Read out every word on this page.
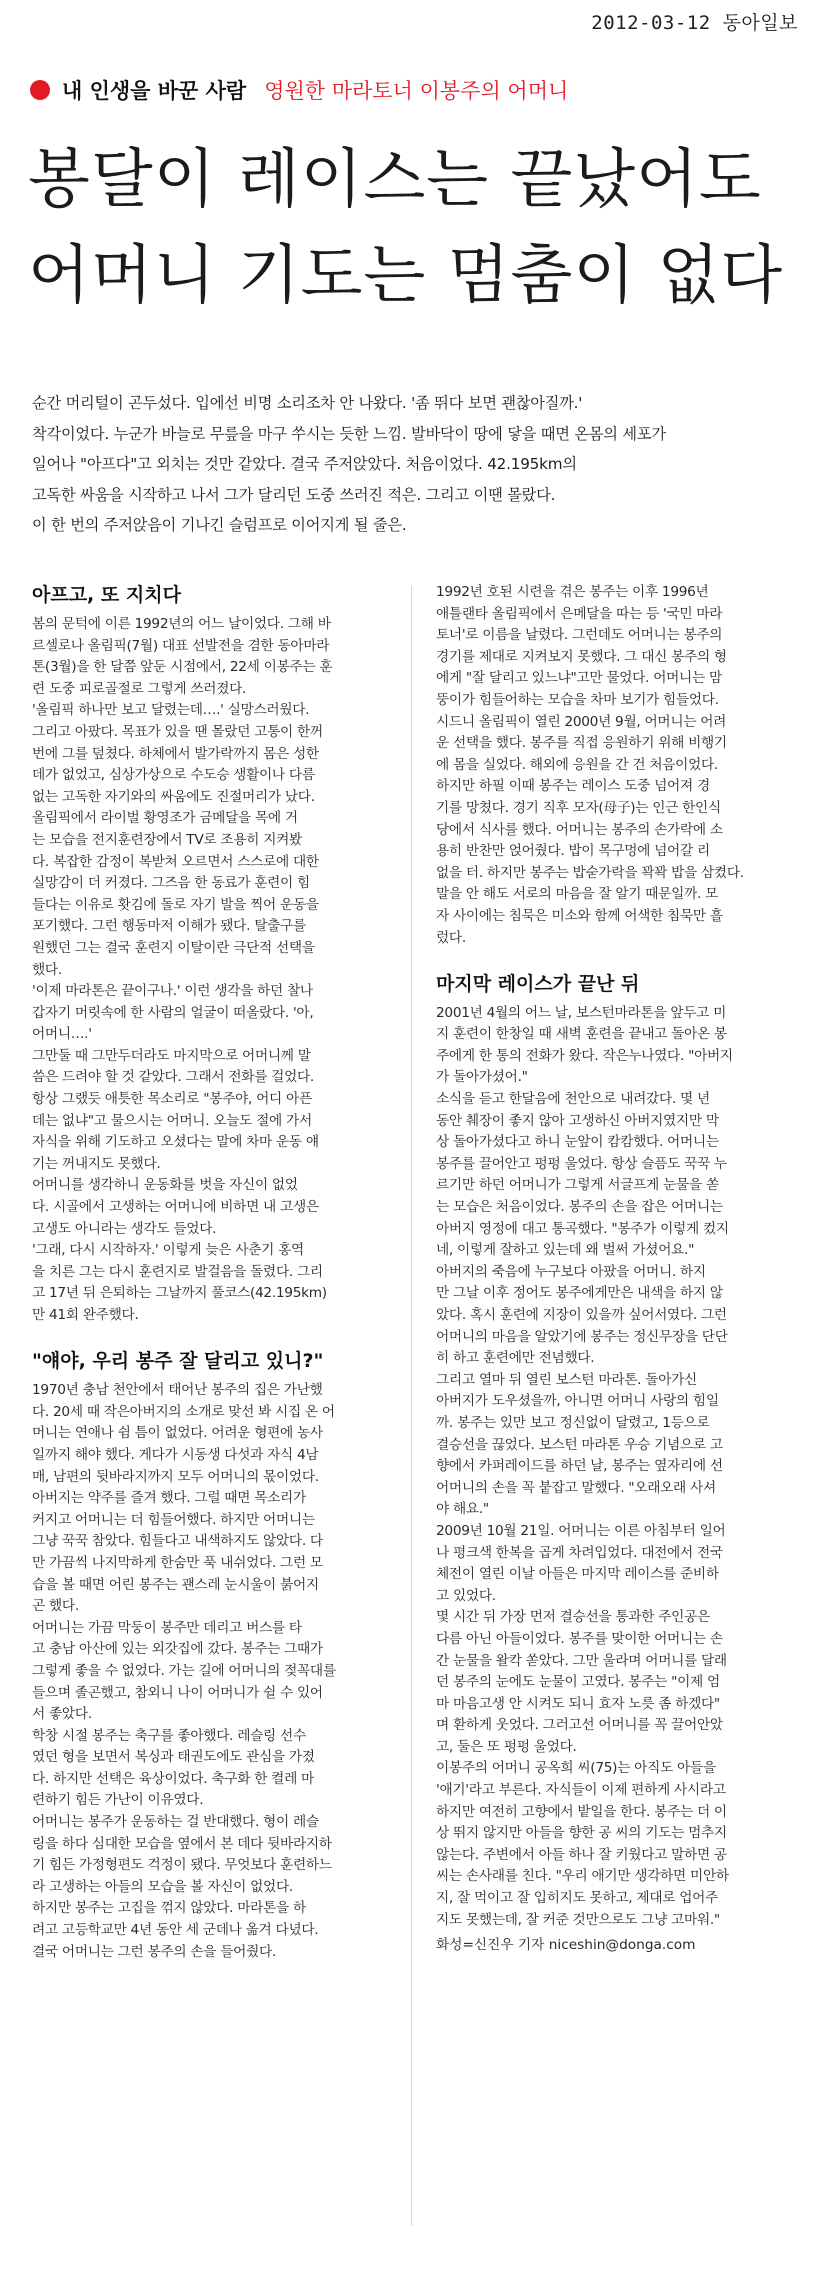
2012-03-12 동아일보
내 인생을 바꾼 사람 영원한 마라토너 이봉주의 어머니
봉달이 레이스는 끝났어도
어머니 기도는 멈춤이 없다
순간 머리털이 곤두섰다. 입에선 비명 소리조차 안 나왔다. '좀 뛰다 보면 괜찮아질까.'
착각이었다. 누군가 바늘로 무릎을 마구 쑤시는 듯한 느낌. 발바닥이 땅에 닿을 때면 온몸의 세포가
일어나 "아프다"고 외치는 것만 같았다. 결국 주저앉았다. 처음이었다. 42.195km의
고독한 싸움을 시작하고 나서 그가 달리던 도중 쓰러진 적은. 그리고 이땐 몰랐다.
이 한 번의 주저앉음이 기나긴 슬럼프로 이어지게 될 줄은.
아프고, 또 지치다
봄의 문턱에 이른 1992년의 어느 날이었다. 그해 바
르셀로나 올림픽(7월) 대표 선발전을 겸한 동아마라
톤(3월)을 한 달쯤 앞둔 시점에서, 22세 이봉주는 훈
련 도중 피로골절로 그렇게 쓰러졌다.
'올림픽 하나만 보고 달렸는데….' 실망스러웠다.
그리고 아팠다. 목표가 있을 땐 몰랐던 고통이 한꺼
번에 그를 덮쳤다. 하체에서 발가락까지 몸은 성한
데가 없었고, 심상가상으로 수도승 생활이나 다름
없는 고독한 자기와의 싸움에도 진절머리가 났다.
올림픽에서 라이벌 황영조가 금메달을 목에 거
는 모습을 전지훈련장에서 TV로 조용히 지켜봤
다. 복잡한 감정이 복받쳐 오르면서 스스로에 대한
실망감이 더 커졌다. 그즈음 한 동료가 훈련이 힘
들다는 이유로 홧김에 돌로 자기 발을 찍어 운동을
포기했다. 그런 행동마저 이해가 됐다. 탈출구를
원했던 그는 결국 훈련지 이탈이란 극단적 선택을
했다.
'이제 마라톤은 끝이구나.' 이런 생각을 하던 찰나
갑자기 머릿속에 한 사람의 얼굴이 떠올랐다. '아,
어머니….'
그만둘 때 그만두더라도 마지막으로 어머니께 말
씀은 드려야 할 것 같았다. 그래서 전화를 걸었다.
항상 그랬듯 애틋한 목소리로 "봉주야, 어디 아픈
데는 없냐"고 물으시는 어머니. 오늘도 절에 가서
자식을 위해 기도하고 오셨다는 말에 차마 운동 얘
기는 꺼내지도 못했다.
어머니를 생각하니 운동화를 벗을 자신이 없었
다. 시골에서 고생하는 어머니에 비하면 내 고생은
고생도 아니라는 생각도 들었다.
'그래, 다시 시작하자.' 이렇게 늦은 사춘기 홍역
을 치른 그는 다시 훈련지로 발걸음을 돌렸다. 그리
고 17년 뒤 은퇴하는 그날까지 풀코스(42.195km)
만 41회 완주했다.
"얘야, 우리 봉주 잘 달리고 있니?"
1970년 충남 천안에서 태어난 봉주의 집은 가난했
다. 20세 때 작은아버지의 소개로 맞선 봐 시집 온 어
머니는 연애나 쉼 틈이 없었다. 어려운 형편에 농사
일까지 해야 했다. 게다가 시동생 다섯과 자식 4남
매, 남편의 뒷바라지까지 모두 어머니의 몫이었다.
아버지는 약주를 즐겨 했다. 그럴 때면 목소리가
커지고 어머니는 더 힘들어했다. 하지만 어머니는
그냥 꾹꾹 참았다. 힘들다고 내색하지도 않았다. 다
만 가끔씩 나지막하게 한숨만 푹 내쉬었다. 그런 모
습을 볼 때면 어린 봉주는 괜스레 눈시울이 붉어지
곤 했다.
어머니는 가끔 막둥이 봉주만 데리고 버스를 타
고 충남 아산에 있는 외갓집에 갔다. 봉주는 그때가
그렇게 좋을 수 없었다. 가는 길에 어머니의 젖꼭대를
들으며 졸곤했고, 참외니 나이 어머니가 쉴 수 있어
서 좋았다.
학창 시절 봉주는 축구를 좋아했다. 레슬링 선수
였던 형을 보면서 복싱과 태권도에도 관심을 가졌
다. 하지만 선택은 육상이었다. 축구화 한 켤레 마
련하기 힘든 가난이 이유였다.
어머니는 봉주가 운동하는 걸 반대했다. 형이 레슬
링을 하다 심대한 모습을 옆에서 본 데다 뒷바라지하
기 힘든 가정형편도 걱정이 됐다. 무엇보다 훈련하느
라 고생하는 아들의 모습을 볼 자신이 없었다.
하지만 봉주는 고집을 꺾지 않았다. 마라톤을 하
려고 고등학교만 4년 동안 세 군데나 옮겨 다녔다.
결국 어머니는 그런 봉주의 손을 들어줬다.
1992년 호된 시련을 겪은 봉주는 이후 1996년
애틀랜타 올림픽에서 은메달을 따는 등 '국민 마라
토너'로 이름을 날렸다. 그런데도 어머니는 봉주의
경기를 제대로 지켜보지 못했다. 그 대신 봉주의 형
에게 "잘 달리고 있느냐"고만 물었다. 어머니는 맘
뚱이가 힘들어하는 모습을 차마 보기가 힘들었다.
시드니 올림픽이 열린 2000년 9월, 어머니는 어려
운 선택을 했다. 봉주를 직접 응원하기 위해 비행기
에 몸을 실었다. 해외에 응원을 간 건 처음이었다.
하지만 하필 이때 봉주는 레이스 도중 넘어져 경
기를 망쳤다. 경기 직후 모자(母子)는 인근 한인식
당에서 식사를 했다. 어머니는 봉주의 손가락에 소
용히 반찬만 얹어줬다. 밥이 목구멍에 넘어갈 리
없을 터. 하지만 봉주는 밥숟가락을 꽉꽉 밥을 삼켰다.
말을 안 해도 서로의 마음을 잘 알기 때문일까. 모
자 사이에는 침묵은 미소와 함께 어색한 침묵만 흘
렀다.
마지막 레이스가 끝난 뒤
2001년 4월의 어느 날, 보스턴마라톤을 앞두고 미
지 훈련이 한창일 때 새벽 훈련을 끝내고 돌아온 봉
주에게 한 통의 전화가 왔다. 작은누나였다. "아버지
가 돌아가셨어."
소식을 듣고 한달음에 천안으로 내려갔다. 몇 년
동안 췌장이 좋지 않아 고생하신 아버지였지만 막
상 돌아가셨다고 하니 눈앞이 캄캄했다. 어머니는
봉주를 끌어안고 펑펑 울었다. 항상 슬픔도 꾹꾹 누
르기만 하던 어머니가 그렇게 서글프게 눈물을 쏟
는 모습은 처음이었다. 봉주의 손을 잡은 어머니는
아버지 영정에 대고 통곡했다. "봉주가 이렇게 컸지
네, 이렇게 잘하고 있는데 왜 벌써 가셨어요."
아버지의 죽음에 누구보다 아팠을 어머니. 하지
만 그날 이후 정어도 봉주에게만은 내색을 하지 않
았다. 혹시 훈련에 지장이 있을까 싶어서였다. 그런
어머니의 마음을 알았기에 봉주는 정신무장을 단단
히 하고 훈련에만 전념했다.
그리고 열마 뒤 열린 보스턴 마라톤. 돌아가신
아버지가 도우셨을까, 아니면 어머니 사랑의 힘일
까. 봉주는 있만 보고 정신없이 달렸고, 1등으로
결승선을 끊었다. 보스턴 마라톤 우승 기념으로 고
향에서 카퍼레이드를 하던 날, 봉주는 옆자리에 선
어머니의 손을 꼭 붙잡고 말했다. "오래오래 사셔
야 해요."
2009년 10월 21일. 어머니는 이른 아침부터 일어
나 평크색 한복을 곱게 차려입었다. 대전에서 전국
체전이 열린 이날 아들은 마지막 레이스를 준비하
고 있었다.
몇 시간 뒤 가장 먼저 결승선을 통과한 주인공은
다름 아닌 아들이었다. 봉주를 맞이한 어머니는 손
간 눈물을 왈칵 쏟았다. 그만 울라며 어머니를 달래
던 봉주의 눈에도 눈물이 고였다. 봉주는 "이제 엄
마 마음고생 안 시켜도 되니 효자 노릇 좀 하겠다"
며 환하게 웃었다. 그러고선 어머니를 꼭 끌어안았
고, 둘은 또 펑펑 울었다.
이봉주의 어머니 공옥희 씨(75)는 아직도 아들을
'애기'라고 부른다. 자식들이 이제 편하게 사시라고
하지만 여전히 고향에서 밭일을 한다. 봉주는 더 이
상 뛰지 않지만 아들을 향한 공 씨의 기도는 멈추지
않는다. 주변에서 아들 하나 잘 키웠다고 말하면 공
씨는 손사래를 친다. "우리 애기만 생각하면 미안하
지, 잘 먹이고 잘 입히지도 못하고, 제대로 업어주
지도 못했는데, 잘 커준 것만으로도 그냥 고마워."
화성=신진우 기자 niceshin@donga.com
